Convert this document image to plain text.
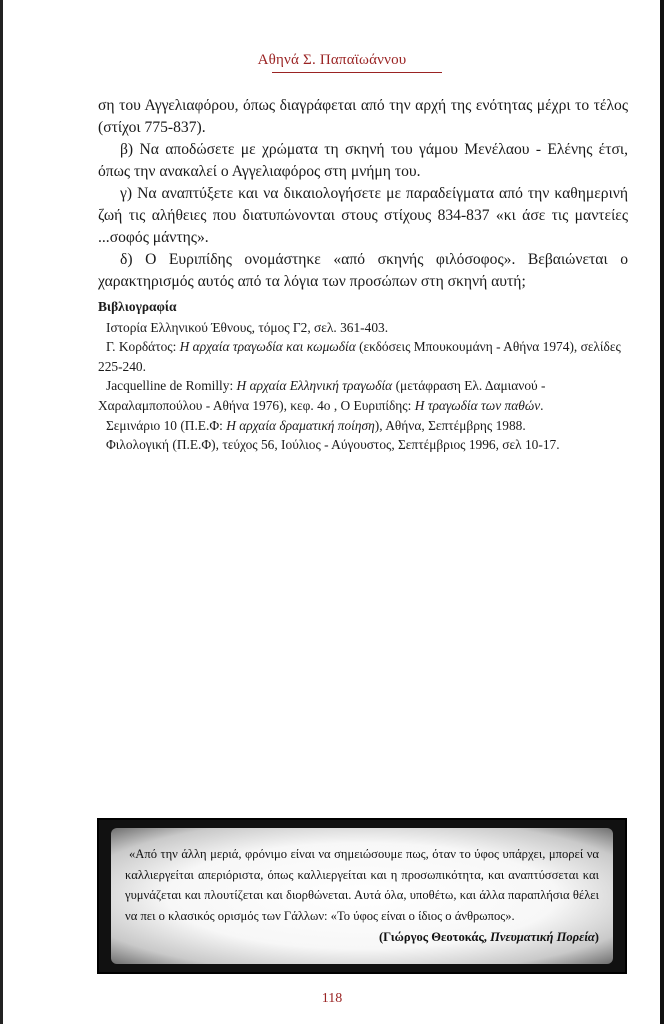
Αθηνά Σ. Παπαϊωάννου

ση του Αγγελιαφόρου, όπως διαγράφεται από την αρχή της ενότητας μέχρι το τέλος (στίχοι 775-837).

β) Να αποδώσετε με χρώματα τη σκηνή του γάμου Μενέλαου - Ελένης έτσι, όπως την ανακαλεί ο Αγγελιαφόρος στη μνήμη του.

γ) Να αναπτύξετε και να δικαιολογήσετε με παραδείγματα από την καθημερινή ζωή τις αλήθειες που διατυπώνονται στους στίχους 834-837 «κι άσε τις μαντείες ...σοφός μάντης».

δ) Ο Ευριπίδης ονομάστηκε «από σκηνής φιλόσοφος». Βεβαιώνεται ο χαρακτηρισμός αυτός από τα λόγια των προσώπων στη σκηνή αυτή;

Βιβλιογραφία

Ιστορία Ελληνικού Έθνους, τόμος Γ2, σελ. 361-403.

Γ. Κορδάτος: Η αρχαία τραγωδία και κωμωδία (εκδόσεις Μπουκουμάνη - Αθήνα 1974), σελίδες 225-240.

Jacquelline de Romilly: Η αρχαία Ελληνική τραγωδία (μετάφραση Ελ. Δαμιανού - Χαραλαμποπούλου - Αθήνα 1976), κεφ. 4ο , Ο Ευριπίδης: Η τραγωδία των παθών.

Σεμινάριο 10 (Π.Ε.Φ: Η αρχαία δραματική ποίηση), Αθήνα, Σεπτέμβρης 1988.

Φιλολογική (Π.Ε.Φ), τεύχος 56, Ιούλιος - Αύγουστος, Σεπτέμβριος 1996, σελ 10-17.

«Από την άλλη μεριά, φρόνιμο είναι να σημειώσουμε πως, όταν το ύφος υπάρχει, μπορεί να καλλιεργείται απεριόριστα, όπως καλλιεργείται και η προσωπικότητα, και αναπτύσσεται και γυμνάζεται και πλουτίζεται και διορθώνεται. Αυτά όλα, υποθέτω, και άλλα παραπλήσια θέλει να πει ο κλασικός ορισμός των Γάλλων: «Το ύφος είναι ο ίδιος ο άνθρωπος».

(Γιώργος Θεοτοκάς, Πνευματική Πορεία)
118
